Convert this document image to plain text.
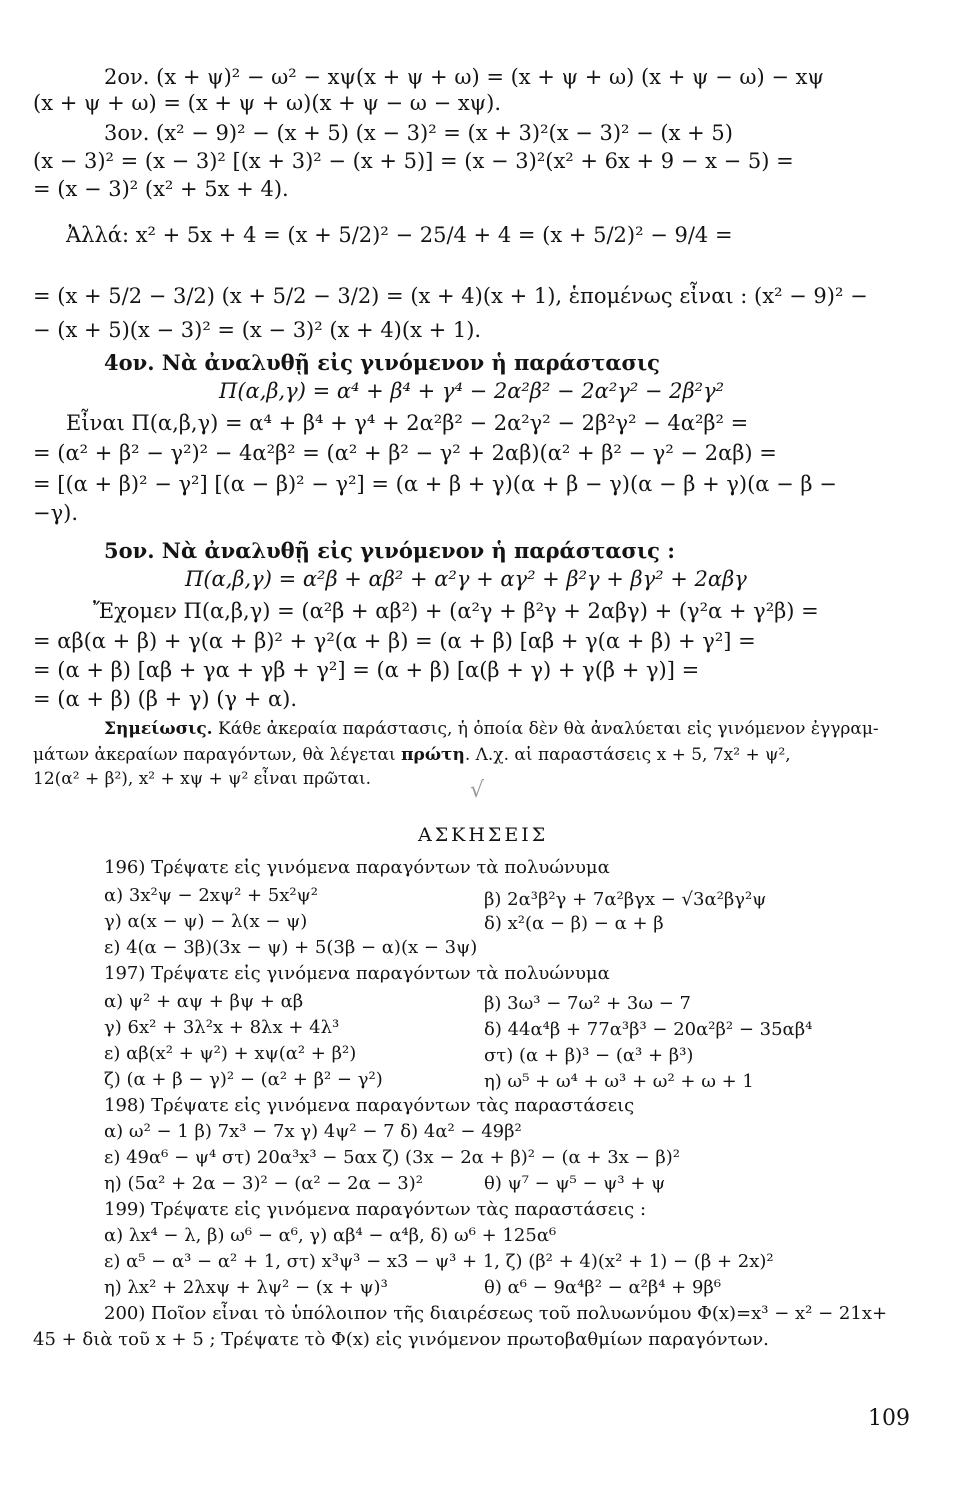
2ον. (x + ψ)² − ω² − xψ(x + ψ + ω) = (x + ψ + ω) (x + ψ − ω) − xψ
(x + ψ + ω) = (x + ψ + ω)(x + ψ − ω − xψ).
3ον. (x² − 9)² − (x + 5) (x − 3)² = (x + 3)²(x − 3)² − (x + 5)
(x − 3)² = (x − 3)² [(x + 3)² − (x + 5)] = (x − 3)²(x² + 6x + 9 − x − 5) =
= (x − 3)² (x² + 5x + 4).
Ἀλλά: x² + 5x + 4 = (x + 5/2)² − 25/4 + 4 = (x + 5/2)² − 9/4 =
= (x + 5/2 − 3/2) (x + 5/2 − 3/2) = (x + 4)(x + 1), ἑπομένως εἶναι : (x² − 9)² −
− (x + 5)(x − 3)² = (x − 3)² (x + 4)(x + 1).
4ον. Νὰ ἀναλυθῇ εἰς γινόμενον ἡ παράστασις
Π(α,β,γ) = α⁴ + β⁴ + γ⁴ − 2α²β² − 2α²γ² − 2β²γ²
Εἶναι Π(α,β,γ) = α⁴ + β⁴ + γ⁴ + 2α²β² − 2α²γ² − 2β²γ² − 4α²β² =
= (α² + β² − γ²)² − 4α²β² = (α² + β² − γ² + 2αβ)(α² + β² − γ² − 2αβ) =
= [(α + β)² − γ²] [(α − β)² − γ²] = (α + β + γ)(α + β − γ)(α − β + γ)(α − β −
−γ).
5ον. Νὰ ἀναλυθῇ εἰς γινόμενον ἡ παράστασις :
Π(α,β,γ) = α²β + αβ² + α²γ + αγ² + β²γ + βγ² + 2αβγ
Ἔχομεν Π(α,β,γ) = (α²β + αβ²) + (α²γ + β²γ + 2αβγ) + (γ²α + γ²β) =
= αβ(α + β) + γ(α + β)² + γ²(α + β) = (α + β) [αβ + γ(α + β) + γ²] =
= (α + β) [αβ + γα + γβ + γ²] = (α + β) [α(β + γ) + γ(β + γ)] =
= (α + β) (β + γ) (γ + α).
Σημείωσις. Κάθε ἀκεραία παράστασις, ἡ ὁποία δὲν θὰ ἀναλύεται εἰς γινόμενον ἐγγραμ-
μάτων ἀκεραίων παραγόντων, θὰ λέγεται πρώτη. Λ.χ. αἱ παραστάσεις x + 5, 7x² + ψ²,
12(α² + β²), x² + xψ + ψ² εἶναι πρῶται.	√
ΑΣΚΗΣΕΙΣ
196) Τρέψατε εἰς γινόμενα παραγόντων τὰ πολυώνυμα
α) 3x²ψ − 2xψ² + 5x²ψ²	β) 2α³β²γ + 7α²βγx − √3α²βγ²ψ
γ) α(x − ψ) − λ(x − ψ)	δ) x²(α − β) − α + β
ε) 4(α − 3β)(3x − ψ) + 5(3β − α)(x − 3ψ)
197) Τρέψατε εἰς γινόμενα παραγόντων τὰ πολυώνυμα
α) ψ² + αψ + βψ + αβ	β) 3ω³ − 7ω² + 3ω − 7
γ) 6x² + 3λ²x + 8λx + 4λ³	δ) 44α⁴β + 77α³β³ − 20α²β² − 35αβ⁴
ε) αβ(x² + ψ²) + xψ(α² + β²)	στ) (α + β)³ − (α³ + β³)
ζ) (α + β − γ)² − (α² + β² − γ²)	η) ω⁵ + ω⁴ + ω³ + ω² + ω + 1
198) Τρέψατε εἰς γινόμενα παραγόντων τὰς παραστάσεις
α) ω² − 1 β) 7x³ − 7x γ) 4ψ² − 7 δ) 4α² − 49β²
ε) 49α⁶ − ψ⁴ στ) 20α³x³ − 5αx ζ) (3x − 2α + β)² − (α + 3x − β)²
η) (5α² + 2α − 3)² − (α² − 2α − 3)²	θ) ψ⁷ − ψ⁵ − ψ³ + ψ
199) Τρέψατε εἰς γινόμενα παραγόντων τὰς παραστάσεις :
α) λx⁴ − λ, β) ω⁶ − α⁶, γ) αβ⁴ − α⁴β, δ) ω⁶ + 125α⁶
ε) α⁵ − α³ − α² + 1, στ) x³ψ³ − x3 − ψ³ + 1, ζ) (β² + 4)(x² + 1) − (β + 2x)²
η) λx² + 2λxψ + λψ² − (x + ψ)³	θ) α⁶ − 9α⁴β² − α²β⁴ + 9β⁶
200) Ποῖον εἶναι τὸ ὑπόλοιπον τῆς διαιρέσεως τοῦ πολυωνύμου Φ(x)=x³ − x² − 21x+
45 + διὰ τοῦ x + 5 ; Τρέψατε τὸ Φ(x) εἰς γινόμενον πρωτοβαθμίων παραγόντων.
109
